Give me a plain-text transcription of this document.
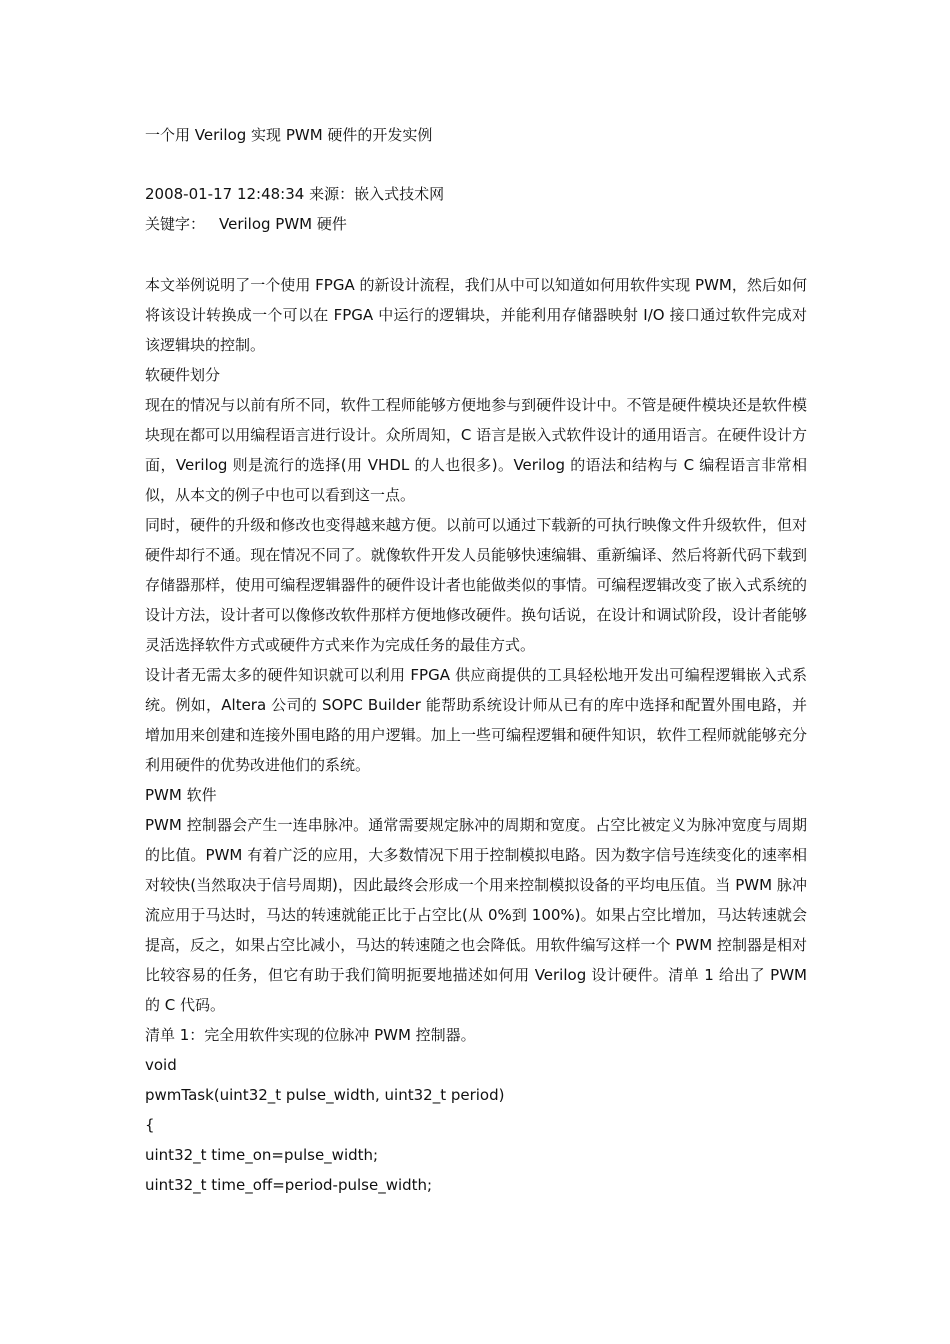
一个用 Verilog 实现 PWM 硬件的开发实例
2008-01-17 12:48:34 来源：嵌入式技术网
关键字： Verilog PWM 硬件

本文举例说明了一个使用 FPGA 的新设计流程，我们从中可以知道如何用软件实现 PWM，然后如何将该设计转换成一个可以在 FPGA 中运行的逻辑块，并能利用存储器映射 I/O 接口通过软件完成对该逻辑块的控制。

软硬件划分

现在的情况与以前有所不同，软件工程师能够方便地参与到硬件设计中。不管是硬件模块还是软件模块现在都可以用编程语言进行设计。众所周知，C 语言是嵌入式软件设计的通用语言。在硬件设计方面，Verilog 则是流行的选择(用 VHDL 的人也很多)。Verilog 的语法和结构与 C 编程语言非常相似，从本文的例子中也可以看到这一点。

同时，硬件的升级和修改也变得越来越方便。以前可以通过下载新的可执行映像文件升级软件，但对硬件却行不通。现在情况不同了。就像软件开发人员能够快速编辑、重新编译、然后将新代码下载到存储器那样，使用可编程逻辑器件的硬件设计者也能做类似的事情。可编程逻辑改变了嵌入式系统的设计方法，设计者可以像修改软件那样方便地修改硬件。换句话说，在设计和调试阶段，设计者能够灵活选择软件方式或硬件方式来作为完成任务的最佳方式。

设计者无需太多的硬件知识就可以利用 FPGA 供应商提供的工具轻松地开发出可编程逻辑嵌入式系统。例如，Altera 公司的 SOPC Builder 能帮助系统设计师从已有的库中选择和配置外围电路，并增加用来创建和连接外围电路的用户逻辑。加上一些可编程逻辑和硬件知识，软件工程师就能够充分利用硬件的优势改进他们的系统。

PWM 软件

PWM 控制器会产生一连串脉冲。通常需要规定脉冲的周期和宽度。占空比被定义为脉冲宽度与周期的比值。PWM 有着广泛的应用，大多数情况下用于控制模拟电路。因为数字信号连续变化的速率相对较快(当然取决于信号周期)，因此最终会形成一个用来控制模拟设备的平均电压值。当 PWM 脉冲流应用于马达时，马达的转速就能正比于占空比(从 0%到 100%)。如果占空比增加，马达转速就会提高，反之，如果占空比减小，马达的转速随之也会降低。用软件编写这样一个 PWM 控制器是相对比较容易的任务，但它有助于我们简明扼要地描述如何用 Verilog 设计硬件。清单 1 给出了 PWM 的 C 代码。

清单 1：完全用软件实现的位脉冲 PWM 控制器。

void

pwmTask(uint32_t pulse_width, uint32_t period)

{

uint32_t time_on=pulse_width;

uint32_t time_off=period-pulse_width;
